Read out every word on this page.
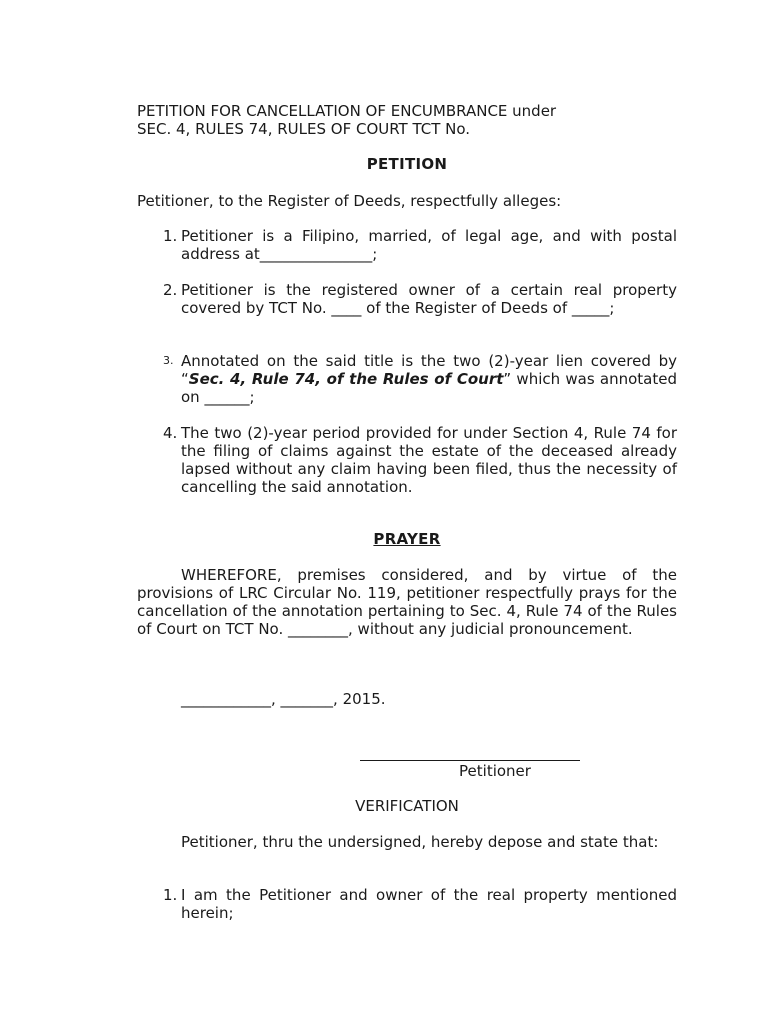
PETITION FOR CANCELLATION OF ENCUMBRANCE under

SEC. 4, RULES 74, RULES OF COURT TCT No.

PETITION

Petitioner, to the Register of Deeds, respectfully alleges:

1. Petitioner is a Filipino, married, of legal age, and with postal address at_______________;
2. Petitioner is the registered owner of a certain real property covered by TCT No. ____ of the Register of Deeds of _____;
3. Annotated on the said title is the two (2)-year lien covered by “Sec. 4, Rule 74, of the Rules of Court” which was annotated on ______;
4. The two (2)-year period provided for under Section 4, Rule 74 for the filing of claims against the estate of the deceased already lapsed without any claim having been filed, thus the necessity of cancelling the said annotation.

PRAYER

WHEREFORE, premises considered, and by virtue of the provisions of LRC Circular No. 119, petitioner respectfully prays for the cancellation of the annotation pertaining to Sec. 4, Rule 74 of the Rules of Court on TCT No. ________, without any judicial pronouncement.

____________, _______, 2015.

Petitioner

VERIFICATION

Petitioner, thru the undersigned, hereby depose and state that:

1. I am the Petitioner and owner of the real property mentioned herein;
